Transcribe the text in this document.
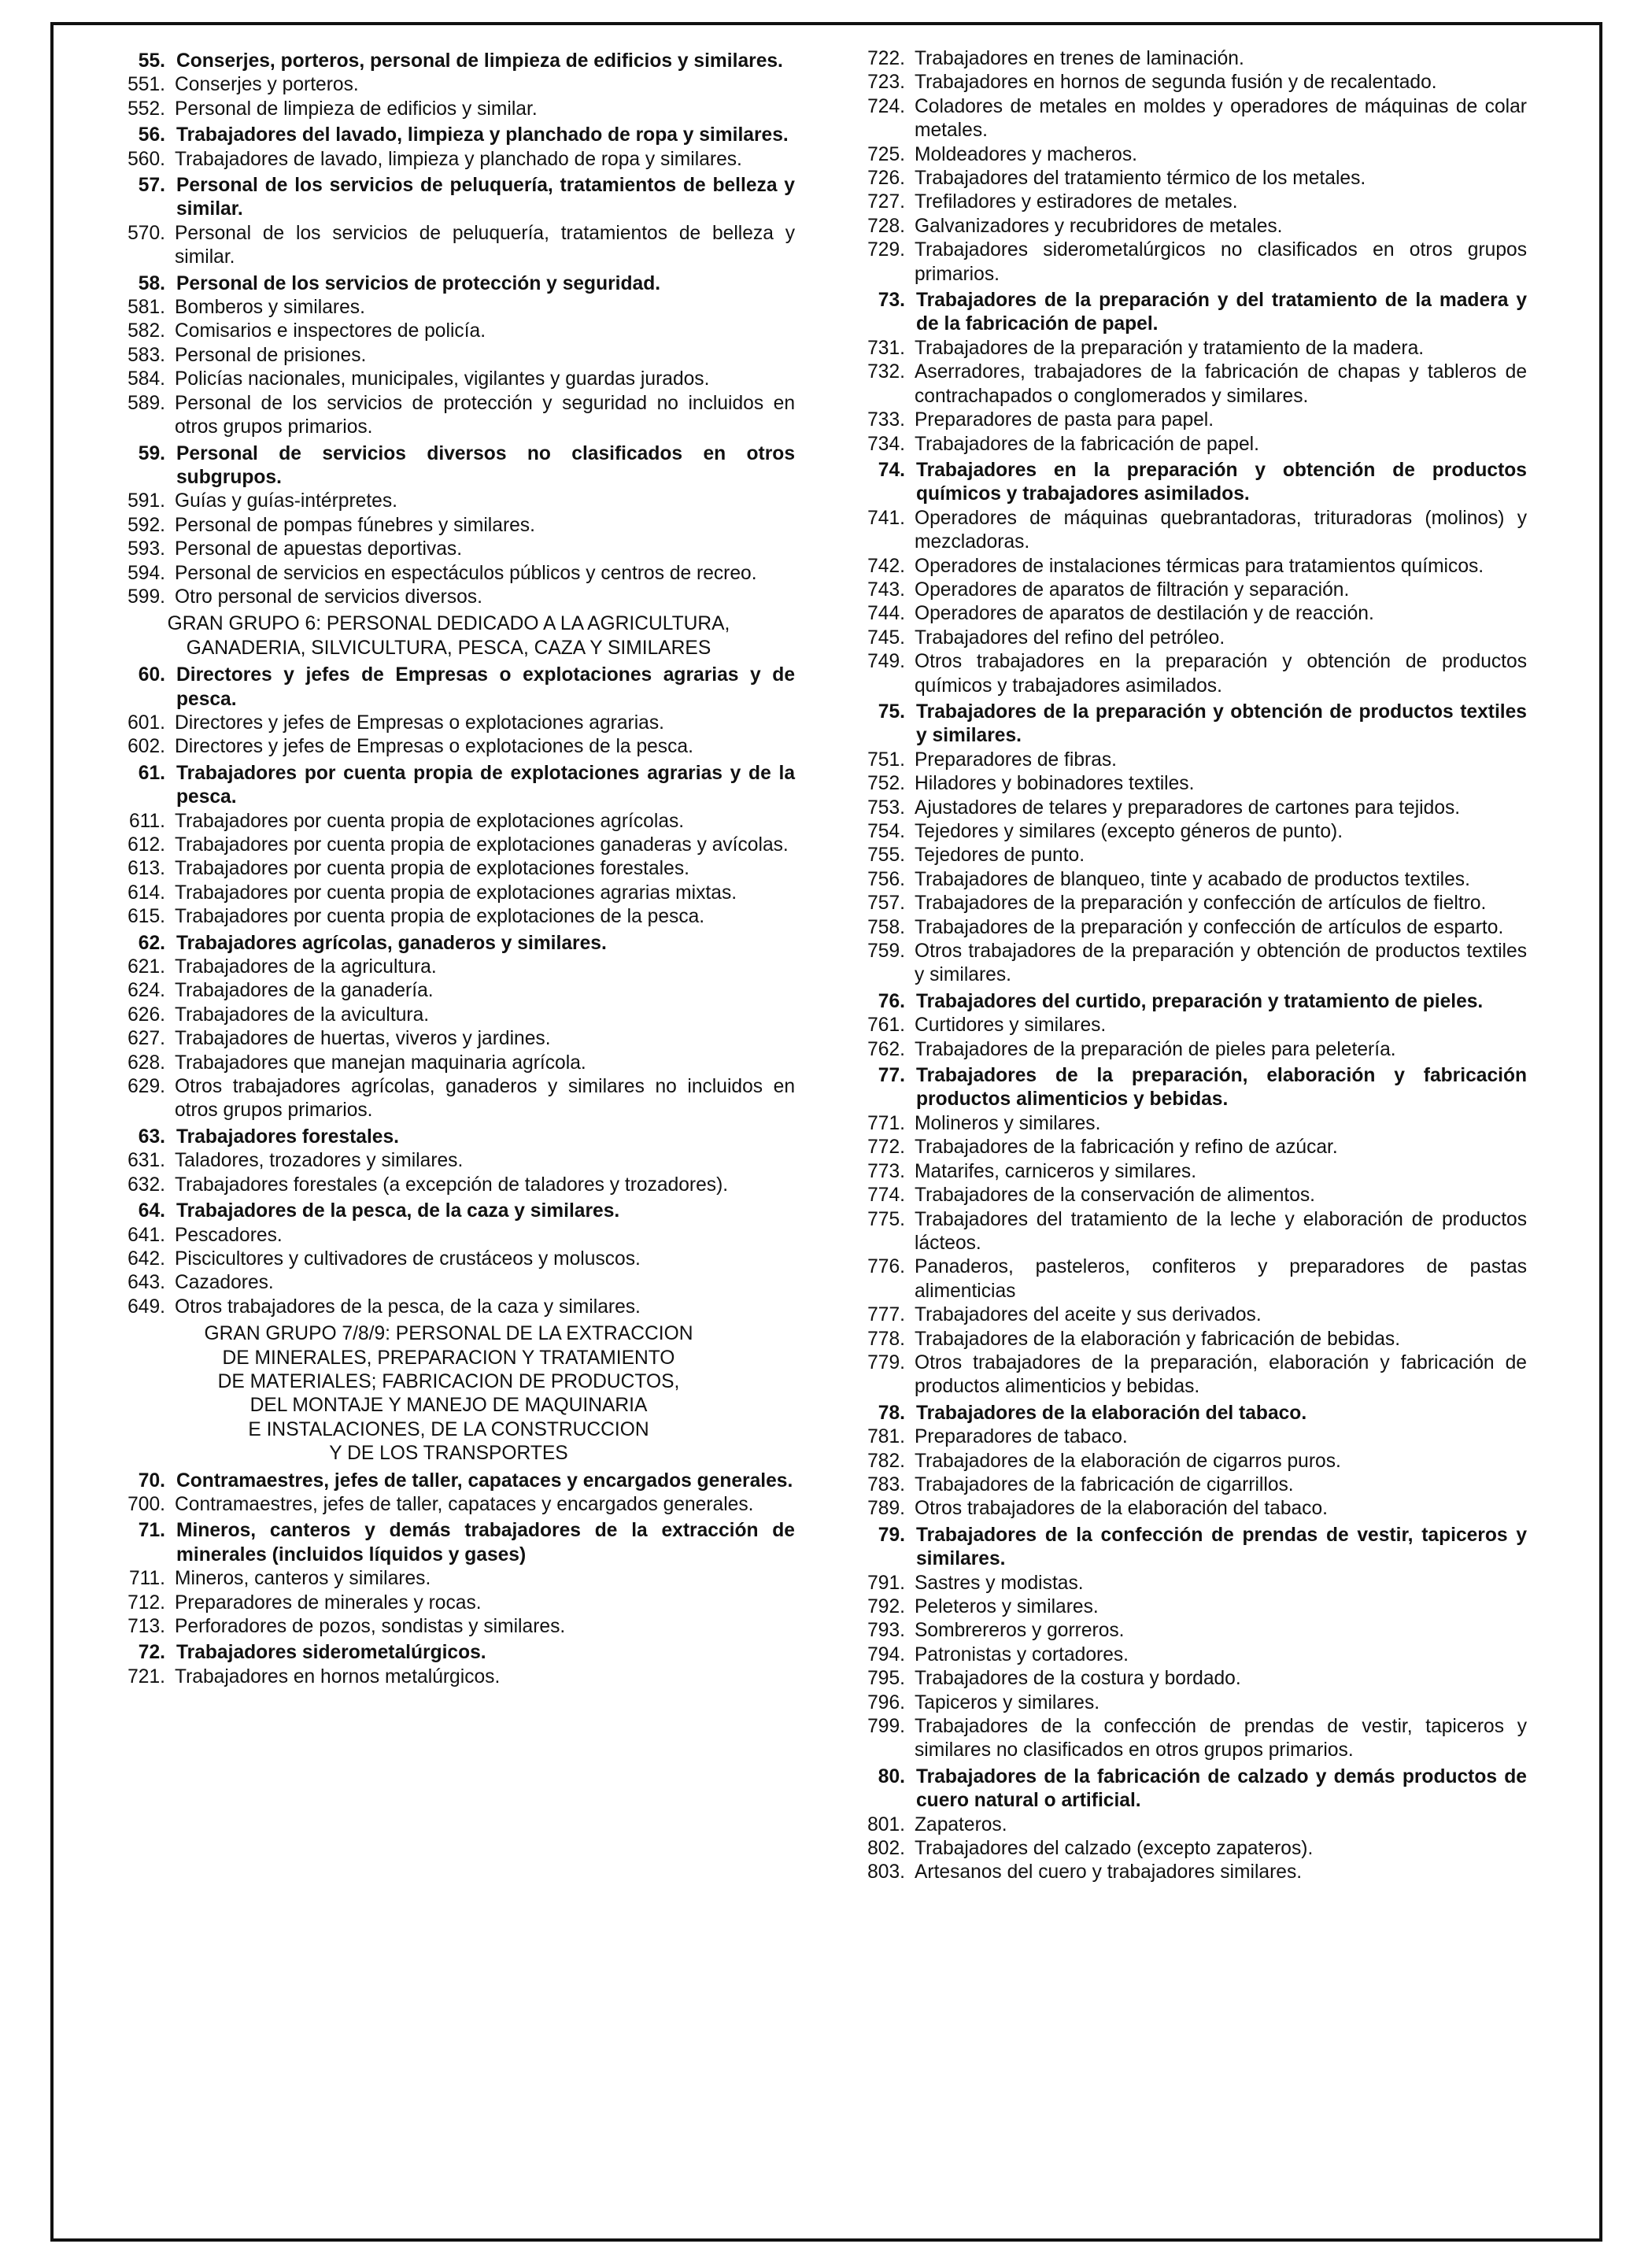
55. Conserjes, porteros, personal de limpieza de edificios y similares.
551. Conserjes y porteros.
552. Personal de limpieza de edificios y similar.
56. Trabajadores del lavado, limpieza y planchado de ropa y similares.
560. Trabajadores de lavado, limpieza y planchado de ropa y similares.
57. Personal de los servicios de peluquería, tratamientos de belleza y similar.
570. Personal de los servicios de peluquería, tratamientos de belleza y similar.
58. Personal de los servicios de protección y seguridad.
581. Bomberos y similares.
582. Comisarios e inspectores de policía.
583. Personal de prisiones.
584. Policías nacionales, municipales, vigilantes y guardas jurados.
589. Personal de los servicios de protección y seguridad no incluidos en otros grupos primarios.
59. Personal de servicios diversos no clasificados en otros subgrupos.
591. Guías y guías-intérpretes.
592. Personal de pompas fúnebres y similares.
593. Personal de apuestas deportivas.
594. Personal de servicios en espectáculos públicos y centros de recreo.
599. Otro personal de servicios diversos.
GRAN GRUPO 6: PERSONAL DEDICADO A LA AGRICULTURA,
GANADERIA, SILVICULTURA, PESCA, CAZA Y SIMILARES
60. Directores y jefes de Empresas o explotaciones agrarias y de pesca.
601. Directores y jefes de Empresas o explotaciones agrarias.
602. Directores y jefes de Empresas o explotaciones de la pesca.
61. Trabajadores por cuenta propia de explotaciones agrarias y de la pesca.
611. Trabajadores por cuenta propia de explotaciones agrícolas.
612. Trabajadores por cuenta propia de explotaciones ganaderas y avícolas.
613. Trabajadores por cuenta propia de explotaciones forestales.
614. Trabajadores por cuenta propia de explotaciones agrarias mixtas.
615. Trabajadores por cuenta propia de explotaciones de la pesca.
62. Trabajadores agrícolas, ganaderos y similares.
621. Trabajadores de la agricultura.
624. Trabajadores de la ganadería.
626. Trabajadores de la avicultura.
627. Trabajadores de huertas, viveros y jardines.
628. Trabajadores que manejan maquinaria agrícola.
629. Otros trabajadores agrícolas, ganaderos y similares no incluidos en otros grupos primarios.
63. Trabajadores forestales.
631. Taladores, trozadores y similares.
632. Trabajadores forestales (a excepción de taladores y trozadores).
64. Trabajadores de la pesca, de la caza y similares.
641. Pescadores.
642. Piscicultores y cultivadores de crustáceos y moluscos.
643. Cazadores.
649. Otros trabajadores de la pesca, de la caza y similares.
GRAN GRUPO 7/8/9: PERSONAL DE LA EXTRACCION
DE MINERALES, PREPARACION Y TRATAMIENTO
DE MATERIALES; FABRICACION DE PRODUCTOS,
DEL MONTAJE Y MANEJO DE MAQUINARIA
E INSTALACIONES, DE LA CONSTRUCCION
Y DE LOS TRANSPORTES
70. Contramaestres, jefes de taller, capataces y encargados generales.
700. Contramaestres, jefes de taller, capataces y encargados generales.
71. Mineros, canteros y demás trabajadores de la extracción de minerales (incluidos líquidos y gases)
711. Mineros, canteros y similares.
712. Preparadores de minerales y rocas.
713. Perforadores de pozos, sondistas y similares.
72. Trabajadores siderometalúrgicos.
721. Trabajadores en hornos metalúrgicos.
722. Trabajadores en trenes de laminación.
723. Trabajadores en hornos de segunda fusión y de recalentado.
724. Coladores de metales en moldes y operadores de máquinas de colar metales.
725. Moldeadores y macheros.
726. Trabajadores del tratamiento térmico de los metales.
727. Trefiladores y estiradores de metales.
728. Galvanizadores y recubridores de metales.
729. Trabajadores siderometalúrgicos no clasificados en otros grupos primarios.
73. Trabajadores de la preparación y del tratamiento de la madera y de la fabricación de papel.
731. Trabajadores de la preparación y tratamiento de la madera.
732. Aserradores, trabajadores de la fabricación de chapas y tableros de contrachapados o conglomerados y similares.
733. Preparadores de pasta para papel.
734. Trabajadores de la fabricación de papel.
74. Trabajadores en la preparación y obtención de productos químicos y trabajadores asimilados.
741. Operadores de máquinas quebrantadoras, trituradoras (molinos) y mezcladoras.
742. Operadores de instalaciones térmicas para tratamientos químicos.
743. Operadores de aparatos de filtración y separación.
744. Operadores de aparatos de destilación y de reacción.
745. Trabajadores del refino del petróleo.
749. Otros trabajadores en la preparación y obtención de productos químicos y trabajadores asimilados.
75. Trabajadores de la preparación y obtención de productos textiles y similares.
751. Preparadores de fibras.
752. Hiladores y bobinadores textiles.
753. Ajustadores de telares y preparadores de cartones para tejidos.
754. Tejedores y similares (excepto géneros de punto).
755. Tejedores de punto.
756. Trabajadores de blanqueo, tinte y acabado de productos textiles.
757. Trabajadores de la preparación y confección de artículos de fieltro.
758. Trabajadores de la preparación y confección de artículos de esparto.
759. Otros trabajadores de la preparación y obtención de productos textiles y similares.
76. Trabajadores del curtido, preparación y tratamiento de pieles.
761. Curtidores y similares.
762. Trabajadores de la preparación de pieles para peletería.
77. Trabajadores de la preparación, elaboración y fabricación productos alimenticios y bebidas.
771. Molineros y similares.
772. Trabajadores de la fabricación y refino de azúcar.
773. Matarifes, carniceros y similares.
774. Trabajadores de la conservación de alimentos.
775. Trabajadores del tratamiento de la leche y elaboración de productos lácteos.
776. Panaderos, pasteleros, confiteros y preparadores de pastas alimenticias
777. Trabajadores del aceite y sus derivados.
778. Trabajadores de la elaboración y fabricación de bebidas.
779. Otros trabajadores de la preparación, elaboración y fabricación de productos alimenticios y bebidas.
78. Trabajadores de la elaboración del tabaco.
781. Preparadores de tabaco.
782. Trabajadores de la elaboración de cigarros puros.
783. Trabajadores de la fabricación de cigarrillos.
789. Otros trabajadores de la elaboración del tabaco.
79. Trabajadores de la confección de prendas de vestir, tapiceros y similares.
791. Sastres y modistas.
792. Peleteros y similares.
793. Sombrereros y gorreros.
794. Patronistas y cortadores.
795. Trabajadores de la costura y bordado.
796. Tapiceros y similares.
799. Trabajadores de la confección de prendas de vestir, tapiceros y similares no clasificados en otros grupos primarios.
80. Trabajadores de la fabricación de calzado y demás productos de cuero natural o artificial.
801. Zapateros.
802. Trabajadores del calzado (excepto zapateros).
803. Artesanos del cuero y trabajadores similares.
